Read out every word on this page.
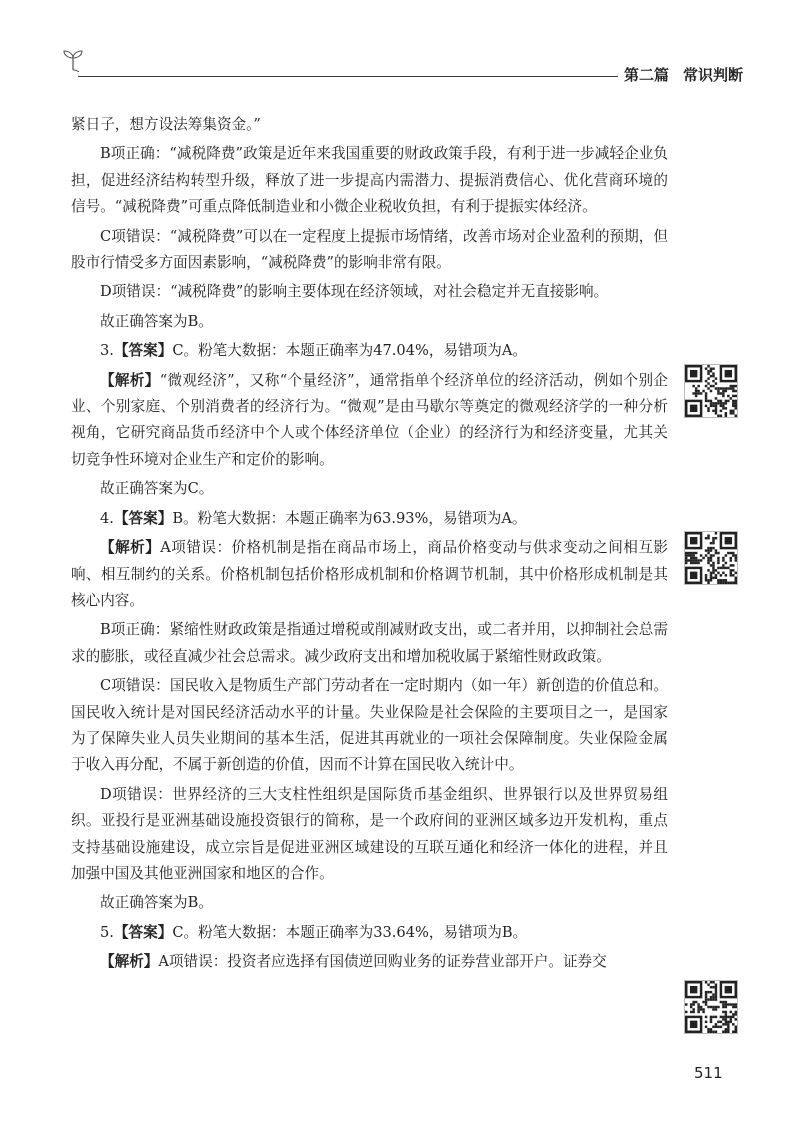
第二篇 常识判断

紧日子，想方设法筹集资金。”

B项正确：“减税降费”政策是近年来我国重要的财政政策手段，有利于进一步减轻企业负担，促进经济结构转型升级，释放了进一步提高内需潜力、提振消费信心、优化营商环境的信号。“减税降费”可重点降低制造业和小微企业税收负担，有利于提振实体经济。

C项错误：“减税降费”可以在一定程度上提振市场情绪，改善市场对企业盈利的预期，但股市行情受多方面因素影响，“减税降费”的影响非常有限。

D项错误：“减税降费”的影响主要体现在经济领域，对社会稳定并无直接影响。

故正确答案为B。

3.【答案】C。粉笔大数据：本题正确率为47.04%，易错项为A。

【解析】“微观经济”，又称“个量经济”，通常指单个经济单位的经济活动，例如个别企业、个别家庭、个别消费者的经济行为。“微观”是由马歇尔等奠定的微观经济学的一种分析视角，它研究商品货币经济中个人或个体经济单位（企业）的经济行为和经济变量，尤其关切竞争性环境对企业生产和定价的影响。

故正确答案为C。

4.【答案】B。粉笔大数据：本题正确率为63.93%，易错项为A。

【解析】A项错误：价格机制是指在商品市场上，商品价格变动与供求变动之间相互影响、相互制约的关系。价格机制包括价格形成机制和价格调节机制，其中价格形成机制是其核心内容。

B项正确：紧缩性财政政策是指通过增税或削减财政支出，或二者并用，以抑制社会总需求的膨胀，或径直减少社会总需求。减少政府支出和增加税收属于紧缩性财政政策。

C项错误：国民收入是物质生产部门劳动者在一定时期内（如一年）新创造的价值总和。国民收入统计是对国民经济活动水平的计量。失业保险是社会保险的主要项目之一，是国家为了保障失业人员失业期间的基本生活，促进其再就业的一项社会保障制度。失业保险金属于收入再分配，不属于新创造的价值，因而不计算在国民收入统计中。

D项错误：世界经济的三大支柱性组织是国际货币基金组织、世界银行以及世界贸易组织。亚投行是亚洲基础设施投资银行的简称，是一个政府间的亚洲区域多边开发机构，重点支持基础设施建设，成立宗旨是促进亚洲区域建设的互联互通化和经济一体化的进程，并且加强中国及其他亚洲国家和地区的合作。

故正确答案为B。

5.【答案】C。粉笔大数据：本题正确率为33.64%，易错项为B。

【解析】A项错误：投资者应选择有国债逆回购业务的证券营业部开户。证券交

511
